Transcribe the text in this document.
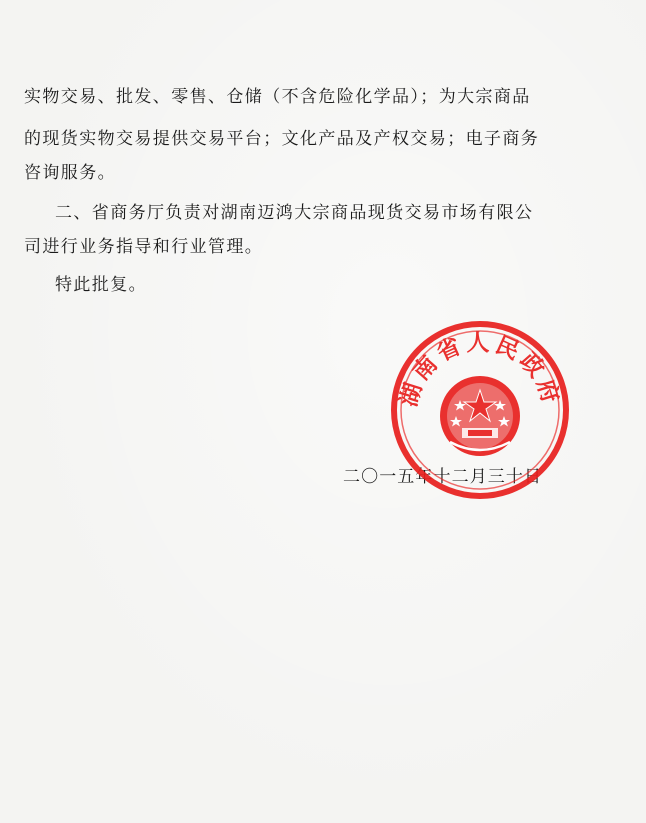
实物交易、批发、零售、仓储（不含危险化学品）；为大宗商品
的现货实物交易提供交易平台；文化产品及产权交易；电子商务
咨询服务。
二、省商务厅负责对湖南迈鸿大宗商品现货交易市场有限公
司进行业务指导和行业管理。
特此批复。
二〇一五年十二月三十日
湖南省人民政府
